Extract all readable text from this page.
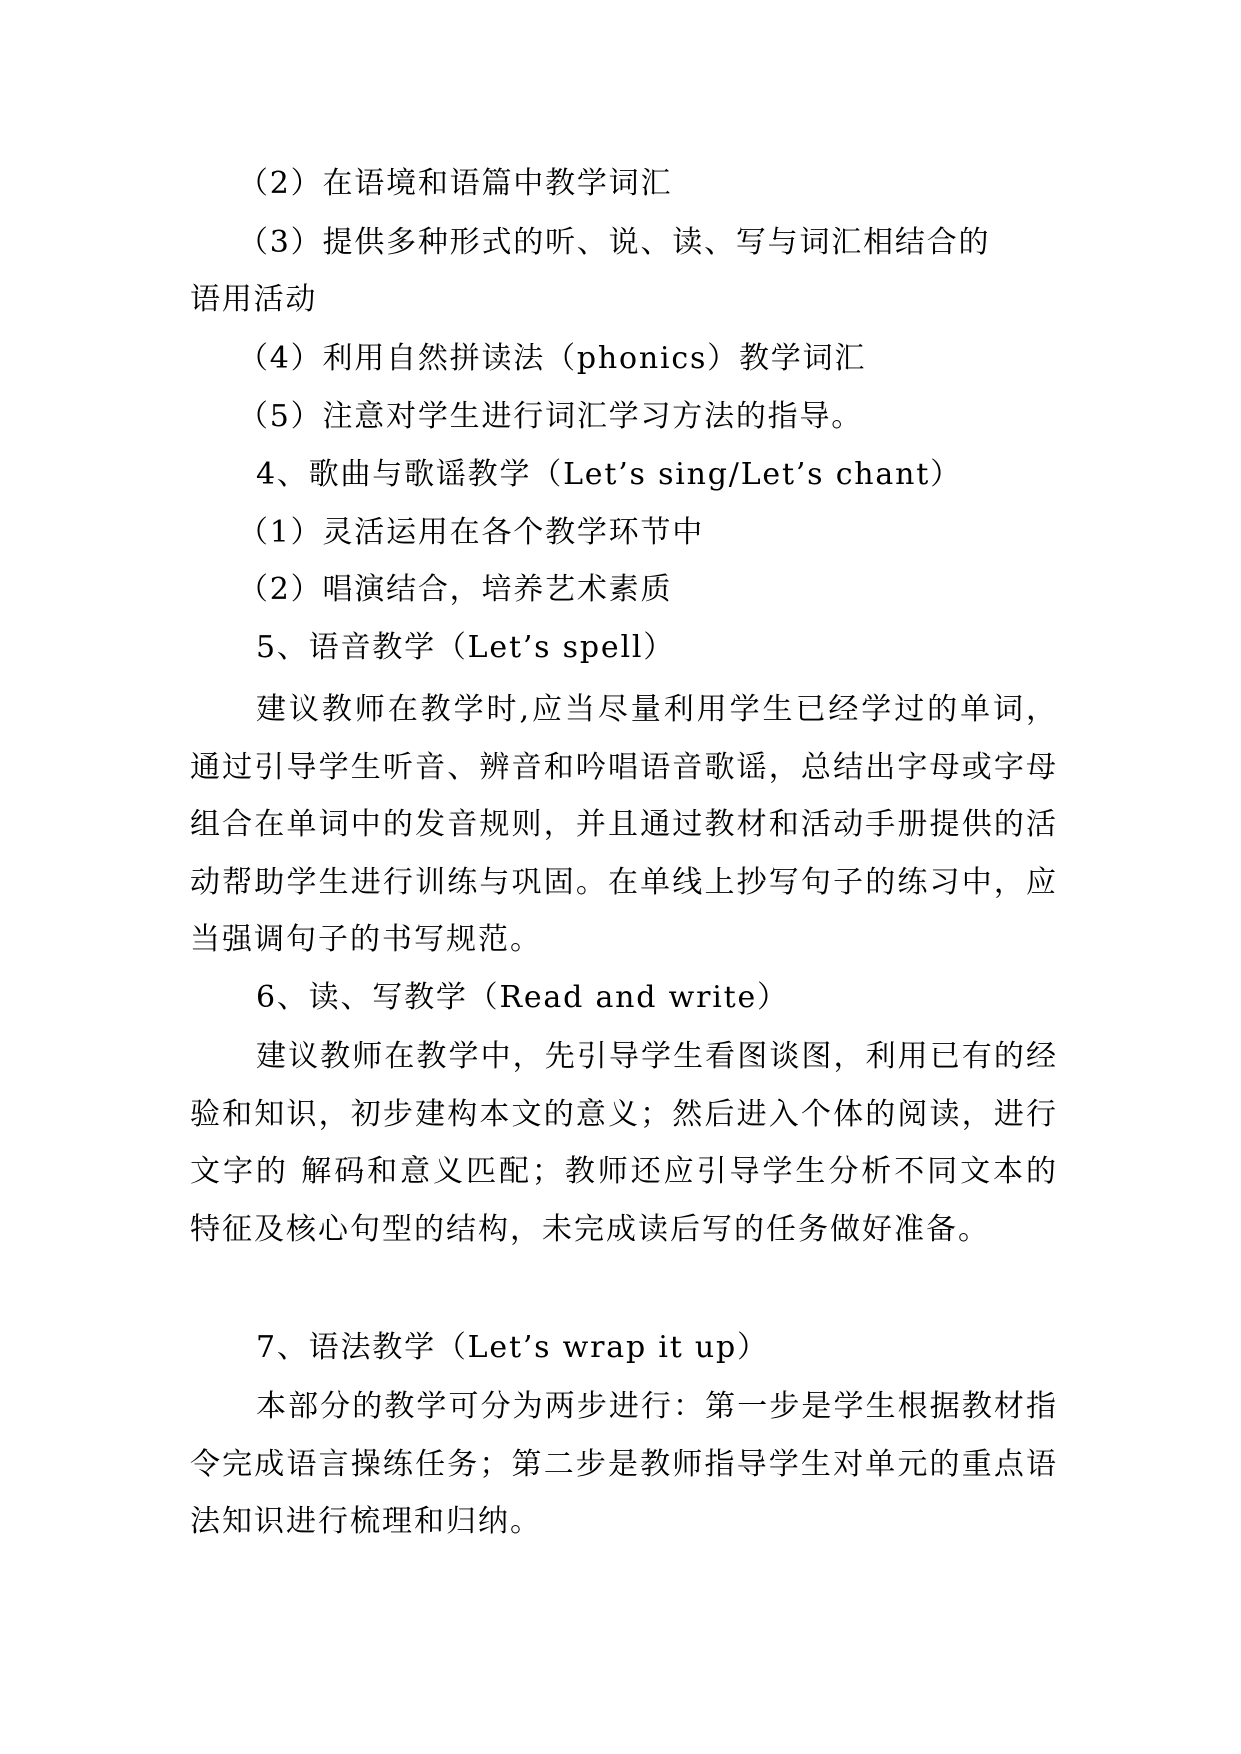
（2）在语境和语篇中教学词汇
（3）提供多种形式的听、说、读、写与词汇相结合的
语用活动
（4）利用自然拼读法（phonics）教学词汇
（5）注意对学生进行词汇学习方法的指导。
4、歌曲与歌谣教学（Let’s sing/Let’s chant）
（1）灵活运用在各个教学环节中
（2）唱演结合，培养艺术素质
5、语音教学（Let’s spell）

建议教师在教学时,应当尽量利用学生已经学过的单词，通过引导学生听音、辨音和吟唱语音歌谣，总结出字母或字母组合在单词中的发音规则，并且通过教材和活动手册提供的活动帮助学生进行训练与巩固。在单线上抄写句子的练习中，应当强调句子的书写规范。

6、读、写教学（Read and write）

建议教师在教学中，先引导学生看图谈图，利用已有的经验和知识，初步建构本文的意义；然后进入个体的阅读，进行文字的 解码和意义匹配；教师还应引导学生分析不同文本的特征及核心句型的结构，未完成读后写的任务做好准备。

7、语法教学（Let’s wrap it up）

本部分的教学可分为两步进行：第一步是学生根据教材指令完成语言操练任务；第二步是教师指导学生对单元的重点语法知识进行梳理和归纳。
